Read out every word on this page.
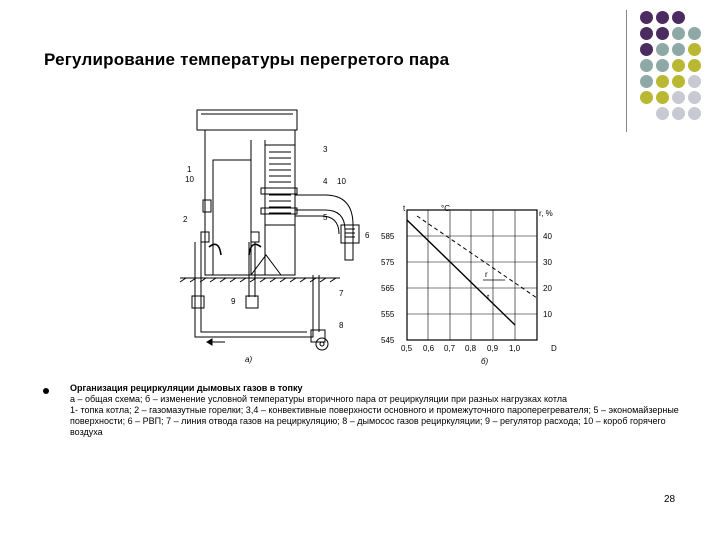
Регулирование температуры перегретого пара
1
10
2
3
4 10
5
6
7
8
9
a)
t	°C
r, %
D
r
t
585
575
565
555
545
40
30
20
10
0,5 0,6 0,7 0,8 0,9 1,0
б)
Организация рециркуляции дымовых газов в топку
а – общая схема; б – изменение условной температуры вторичного пара от рециркуляции при разных нагрузках котла
1- топка котла; 2 – газомазутные горелки; 3,4 – конвективные поверхности основного и промежуточного пароперегревателя; 5 – экономайзерные поверхности; 6 – РВП; 7 – линия отвода газов на рециркуляцию; 8 – дымосос газов рециркуляции; 9 – регулятор расхода; 10 – короб горячего воздуха
28
